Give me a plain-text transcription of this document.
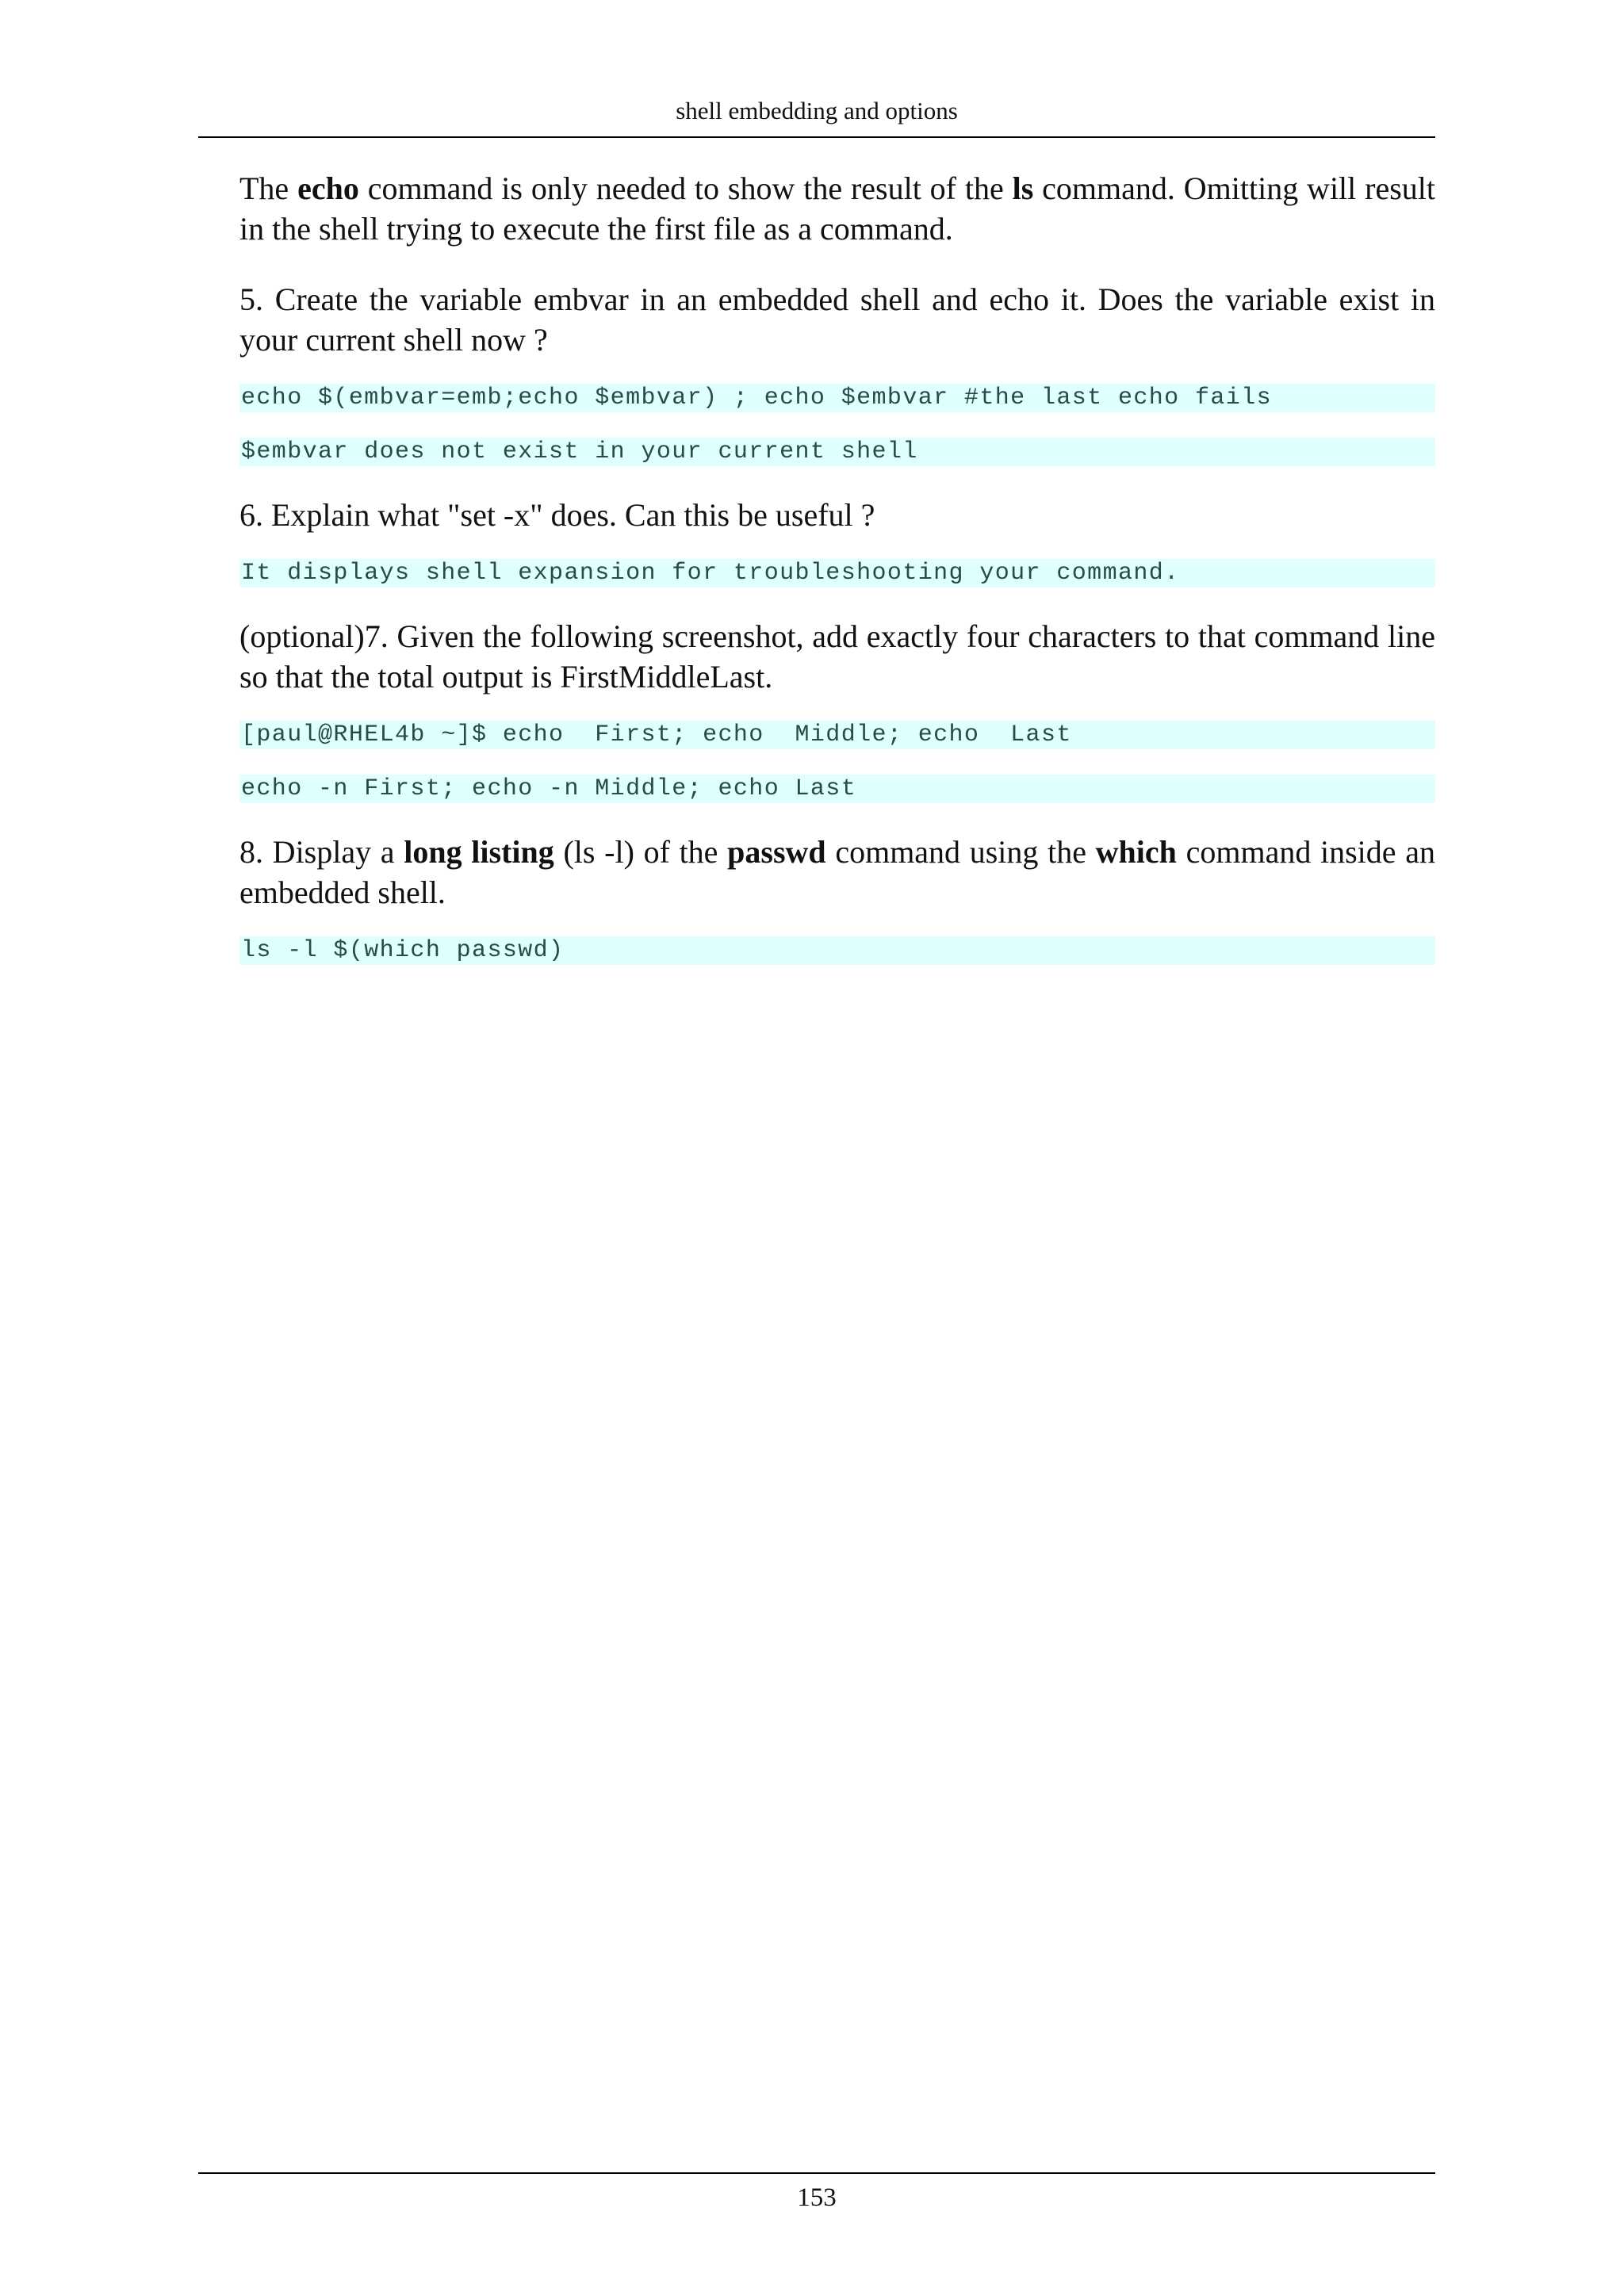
shell embedding and options

The echo command is only needed to show the result of the ls command. Omitting will result in the shell trying to execute the first file as a command.

5. Create the variable embvar in an embedded shell and echo it. Does the variable exist in your current shell now ?

echo $(embvar=emb;echo $embvar) ; echo $embvar #the last echo fails
$embvar does not exist in your current shell

6. Explain what "set -x" does. Can this be useful ?

It displays shell expansion for troubleshooting your command.

(optional)7. Given the following screenshot, add exactly four characters to that command line so that the total output is FirstMiddleLast.

[paul@RHEL4b ~]$ echo  First; echo  Middle; echo  Last
echo -n First; echo -n Middle; echo Last

8. Display a long listing (ls -l) of the passwd command using the which command inside an embedded shell.

ls -l $(which passwd)
153
